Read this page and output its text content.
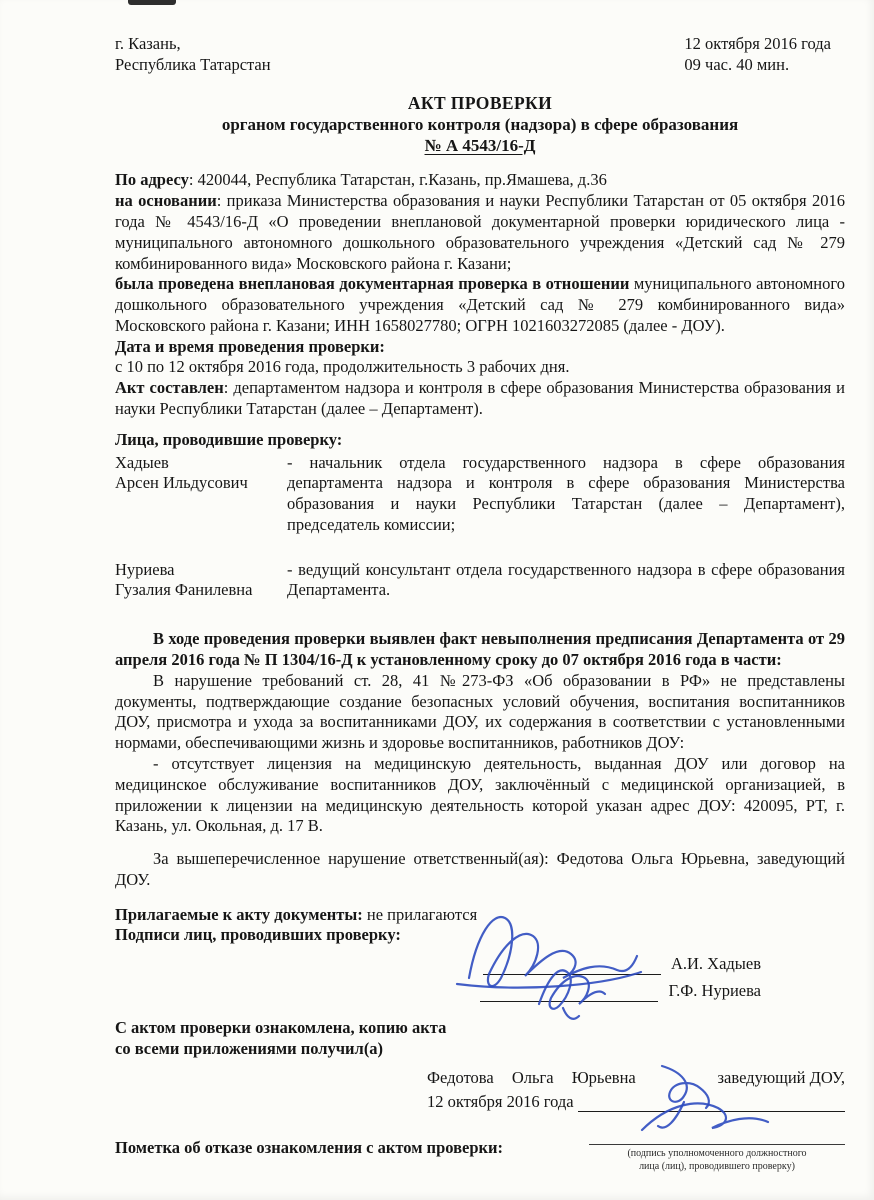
г. Казань,
Республика Татарстан
12 октября 2016 года
09 час. 40 мин.
АКТ ПРОВЕРКИ
органом государственного контроля (надзора) в сфере образования
№ А 4543/16-Д

По адресу: 420044, Республика Татарстан, г.Казань, пр.Ямашева, д.36

на основании: приказа Министерства образования и науки Республики Татарстан от 05 октября 2016 года № 4543/16-Д «О проведении внеплановой документарной проверки юридического лица - муниципального автономного дошкольного образовательного учреждения «Детский сад № 279 комбинированного вида» Московского района г. Казани;

была проведена внеплановая документарная проверка в отношении муниципального автономного дошкольного образовательного учреждения «Детский сад № 279 комбинированного вида» Московского района г. Казани; ИНН 1658027780; ОГРН 1021603272085 (далее - ДОУ).

Дата и время проведения проверки:

с 10 по 12 октября 2016 года, продолжительность 3 рабочих дня.

Акт составлен: департаментом надзора и контроля в сфере образования Министерства образования и науки Республики Татарстан (далее – Департамент).

Лица, проводившие проверку:

Хадыев
Арсен Ильдусович
- начальник отдела государственного надзора в сфере образования департамента надзора и контроля в сфере образования Министерства образования и науки Республики Татарстан (далее – Департамент), председатель комиссии;
Нуриева
Гузалия Фанилевна
- ведущий консультант отдела государственного надзора в сфере образования Департамента.

В ходе проведения проверки выявлен факт невыполнения предписания Департамента от 29 апреля 2016 года № П 1304/16-Д к установленному сроку до 07 октября 2016 года в части:

В нарушение требований ст. 28, 41 №273-ФЗ «Об образовании в РФ» не представлены документы, подтверждающие создание безопасных условий обучения, воспитания воспитанников ДОУ, присмотра и ухода за воспитанниками ДОУ, их содержания в соответствии с установленными нормами, обеспечивающими жизнь и здоровье воспитанников, работников ДОУ:

- отсутствует лицензия на медицинскую деятельность, выданная ДОУ или договор на медицинское обслуживание воспитанников ДОУ, заключённый с медицинской организацией, в приложении к лицензии на медицинскую деятельность которой указан адрес ДОУ: 420095, РТ, г. Казань, ул. Окольная, д. 17 В.

За вышеперечисленное нарушение ответственный(ая): Федотова Ольга Юрьевна, заведующий ДОУ.

Прилагаемые к акту документы: не прилагаются

Подписи лиц, проводивших проверку:

А.И. Хадыев
Г.Ф. Нуриева

С актом проверки ознакомлена, копию акта

со всеми приложениями получил(а)

Федотова Ольга Юрьевна	заведующий ДОУ,
12 октября 2016 года

Пометка об отказе ознакомления с актом проверки:	(подпись уполномоченного должностного
лица (лиц), проводившего проверку)
